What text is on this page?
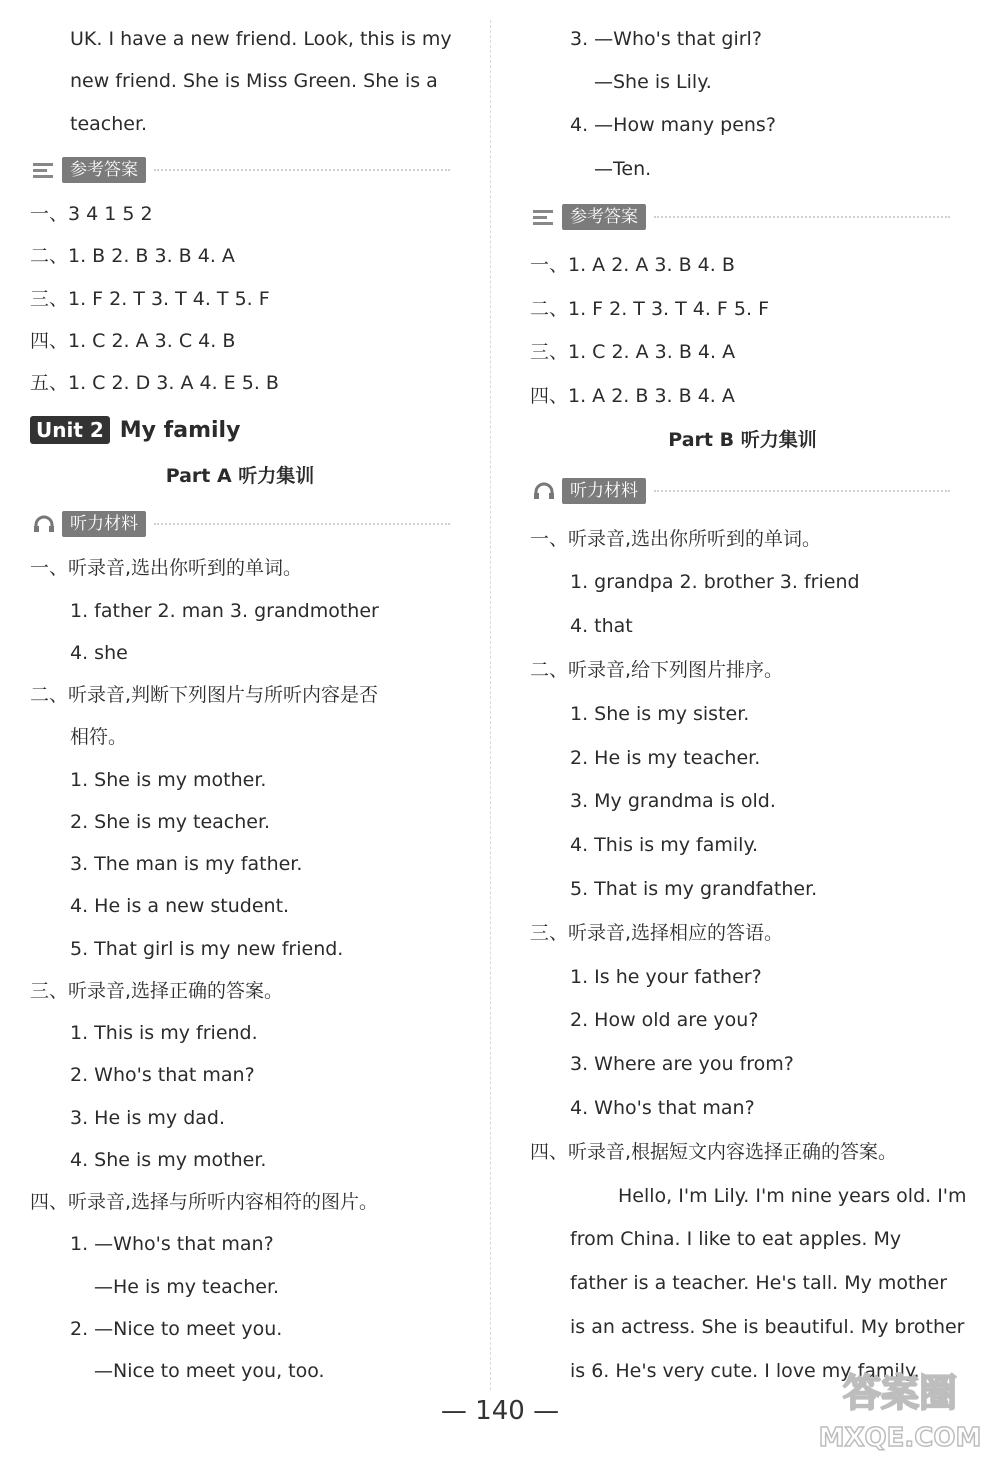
UK. I have a new friend. Look, this is my
new friend. She is Miss Green. She is a
teacher.
参考答案
一、3 4 1 5 2
二、1. B 2. B 3. B 4. A
三、1. F 2. T 3. T 4. T 5. F
四、1. C 2. A 3. C 4. B
五、1. C 2. D 3. A 4. E 5. B
Unit 2 My family
Part A 听力集训
听力材料
一、听录音,选出你听到的单词。
1. father 2. man 3. grandmother
4. she
二、听录音,判断下列图片与所听内容是否
相符。
1. She is my mother.
2. She is my teacher.
3. The man is my father.
4. He is a new student.
5. That girl is my new friend.
三、听录音,选择正确的答案。
1. This is my friend.
2. Who's that man?
3. He is my dad.
4. She is my mother.
四、听录音,选择与所听内容相符的图片。
1. —Who's that man?
—He is my teacher.
2. —Nice to meet you.
—Nice to meet you, too.
3. —Who's that girl?
—She is Lily.
4. —How many pens?
—Ten.
参考答案
一、1. A 2. A 3. B 4. B
二、1. F 2. T 3. T 4. F 5. F
三、1. C 2. A 3. B 4. A
四、1. A 2. B 3. B 4. A
Part B 听力集训
听力材料
一、听录音,选出你所听到的单词。
1. grandpa 2. brother 3. friend
4. that
二、听录音,给下列图片排序。
1. She is my sister.
2. He is my teacher.
3. My grandma is old.
4. This is my family.
5. That is my grandfather.
三、听录音,选择相应的答语。
1. Is he your father?
2. How old are you?
3. Where are you from?
4. Who's that man?
四、听录音,根据短文内容选择正确的答案。
Hello, I'm Lily. I'm nine years old. I'm
from China. I like to eat apples. My
father is a teacher. He's tall. My mother
is an actress. She is beautiful. My brother
is 6. He's very cute. I love my family.
— 140 —	答案圈
MXQE.COM
